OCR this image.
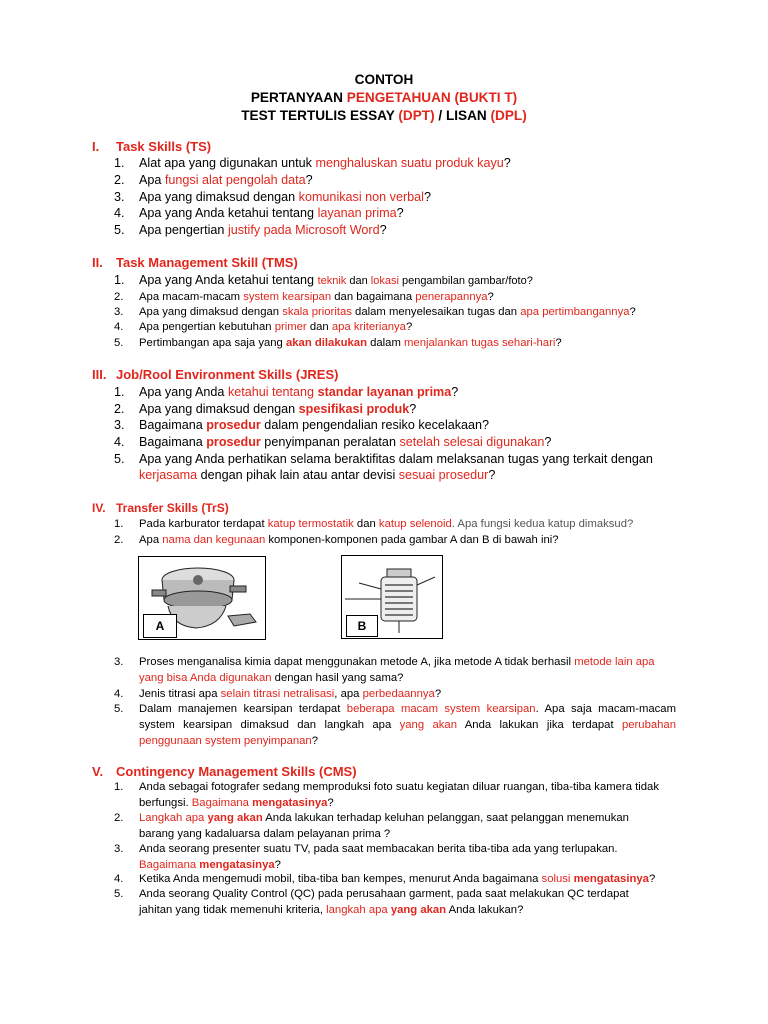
CONTOH
PERTANYAAN PENGETAHUAN (BUKTI T)
TEST TERTULIS ESSAY (DPT) / LISAN (DPL)
I. Task Skills (TS)
1. Alat apa yang digunakan untuk menghaluskan suatu produk kayu?
2. Apa fungsi alat pengolah data?
3. Apa yang dimaksud dengan komunikasi non verbal?
4. Apa yang Anda ketahui tentang layanan prima?
5. Apa pengertian justify pada Microsoft Word?
II. Task Management Skill (TMS)
1. Apa yang Anda ketahui tentang teknik dan lokasi pengambilan gambar/foto?
2. Apa macam-macam system kearsipan dan bagaimana penerapannya?
3. Apa yang dimaksud dengan skala prioritas dalam menyelesaikan tugas dan apa pertimbangannya?
4. Apa pengertian kebutuhan primer dan apa kriterianya?
5. Pertimbangan apa saja yang akan dilakukan dalam menjalankan tugas sehari-hari?
III. Job/Rool Environment Skills (JRES)
1. Apa yang Anda ketahui tentang standar layanan prima?
2. Apa yang dimaksud dengan spesifikasi produk?
3. Bagaimana prosedur dalam pengendalian resiko kecelakaan?
4. Bagaimana prosedur penyimpanan peralatan setelah selesai digunakan?
5. Apa yang Anda perhatikan selama beraktifitas dalam melaksanan tugas yang terkait dengan kerjasama dengan pihak lain atau antar devisi sesuai prosedur?
IV. Transfer Skills (TrS)
1. Pada karburator terdapat katup termostatik dan katup selenoid. Apa fungsi kedua katup dimaksud?
2. Apa nama dan kegunaan komponen-komponen pada gambar A dan B di bawah ini?
A	B
3. Proses menganalisa kimia dapat menggunakan metode A, jika metode A tidak berhasil metode lain apa yang bisa Anda digunakan dengan hasil yang sama?
4. Jenis titrasi apa selain titrasi netralisasi, apa perbedaannya?
5. Dalam manajemen kearsipan terdapat beberapa macam system kearsipan. Apa saja macam-macam system kearsipan dimaksud dan langkah apa yang akan Anda lakukan jika terdapat perubahan penggunaan system penyimpanan?
V. Contingency Management Skills (CMS)
1. Anda sebagai fotografer sedang memproduksi foto suatu kegiatan diluar ruangan, tiba-tiba kamera tidak berfungsi. Bagaimana mengatasinya?
2. Langkah apa yang akan Anda lakukan terhadap keluhan pelanggan, saat pelanggan menemukan barang yang kadaluarsa dalam pelayanan prima ?
3. Anda seorang presenter suatu TV, pada saat membacakan berita tiba-tiba ada yang terlupakan. Bagaimana mengatasinya?
4. Ketika Anda mengemudi mobil, tiba-tiba ban kempes, menurut Anda bagaimana solusi mengatasinya?
5. Anda seorang Quality Control (QC) pada perusahaan garment, pada saat melakukan QC terdapat jahitan yang tidak memenuhi kriteria, langkah apa yang akan Anda lakukan?
